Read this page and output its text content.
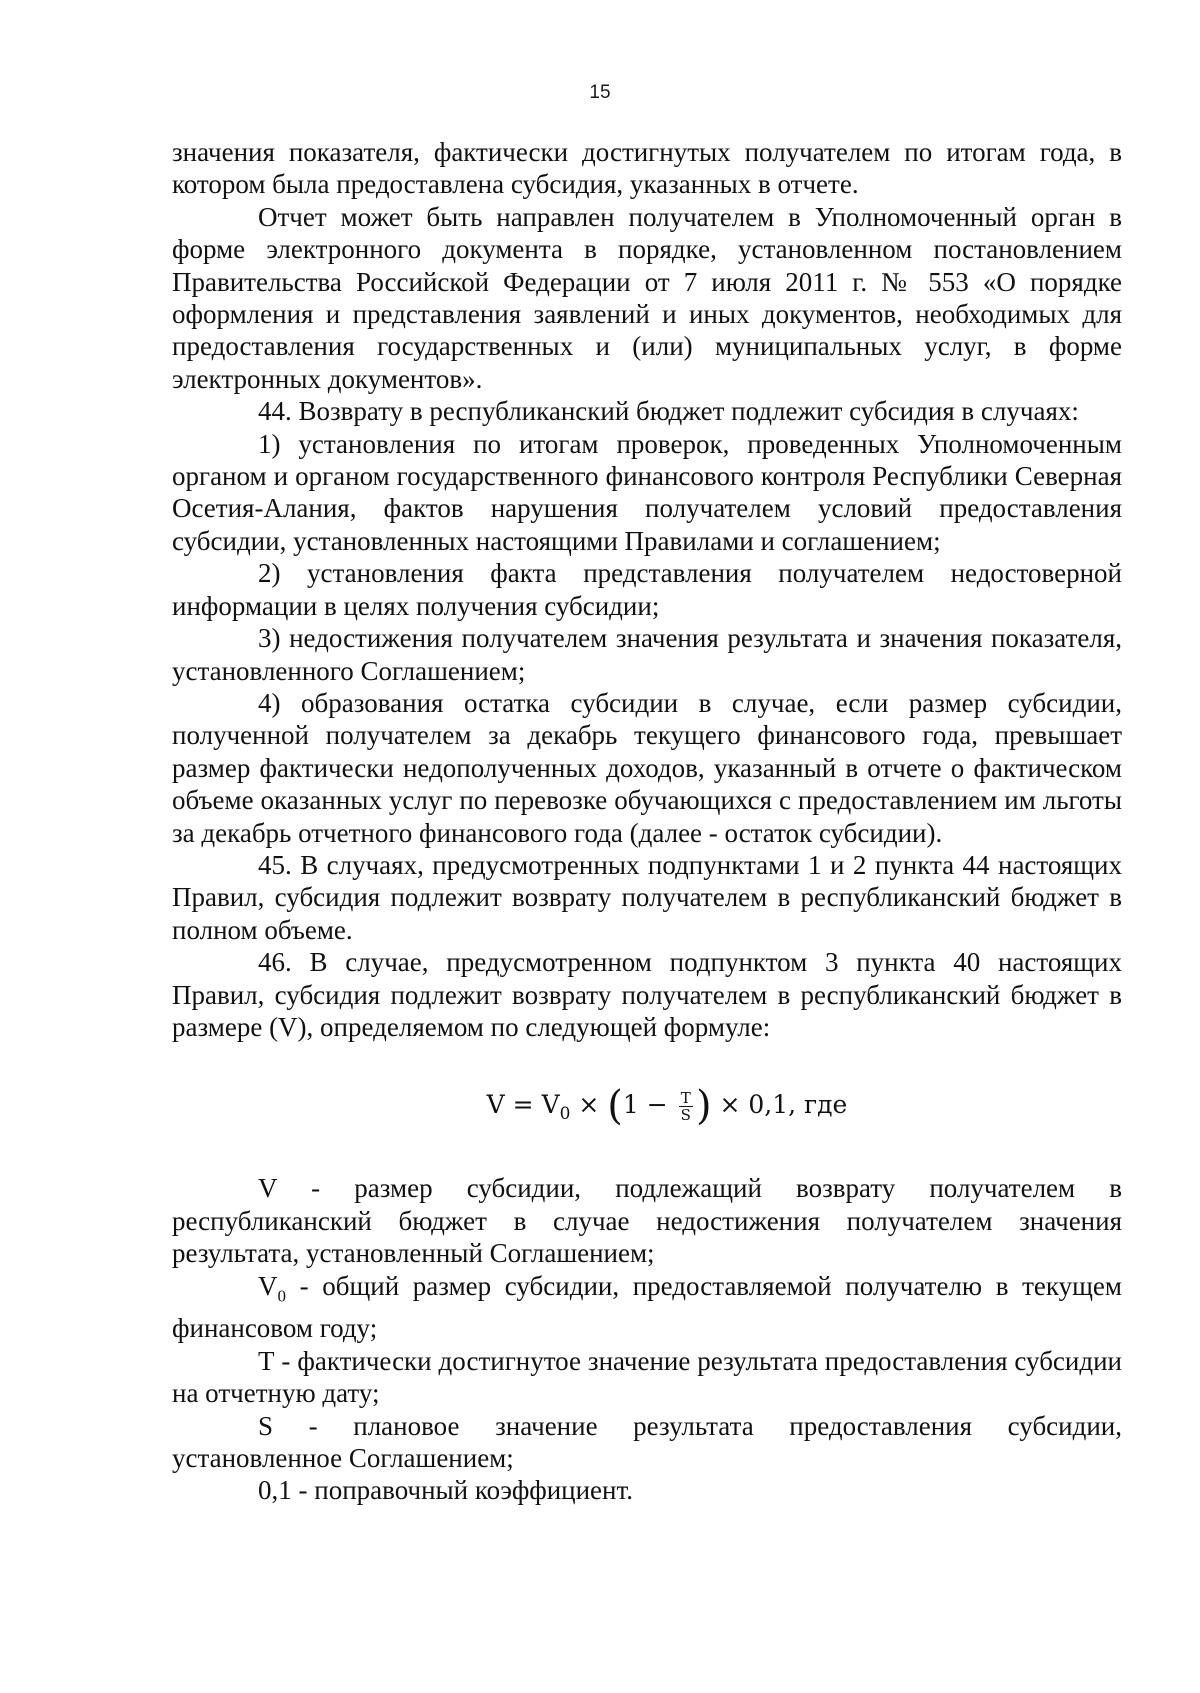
15

значения показателя, фактически достигнутых получателем по итогам года, в котором была предоставлена субсидия, указанных в отчете.

Отчет может быть направлен получателем в Уполномоченный орган в форме электронного документа в порядке, установленном постановлением Правительства Российской Федерации от 7 июля 2011 г. № 553 «О порядке оформления и представления заявлений и иных документов, необходимых для предоставления государственных и (или) муниципальных услуг, в форме электронных документов».

44. Возврату в республиканский бюджет подлежит субсидия в случаях:

1) установления по итогам проверок, проведенных Уполномоченным органом и органом государственного финансового контроля Республики Северная Осетия-Алания, фактов нарушения получателем условий предоставления субсидии, установленных настоящими Правилами и соглашением;

2) установления факта представления получателем недостоверной информации в целях получения субсидии;

3) недостижения получателем значения результата и значения показателя, установленного Соглашением;

4) образования остатка субсидии в случае, если размер субсидии, полученной получателем за декабрь текущего финансового года, превышает размер фактически недополученных доходов, указанный в отчете о фактическом объеме оказанных услуг по перевозке обучающихся с предоставлением им льготы за декабрь отчетного финансового года (далее - остаток субсидии).

45. В случаях, предусмотренных подпунктами 1 и 2 пункта 44 настоящих Правил, субсидия подлежит возврату получателем в республиканский бюджет в полном объеме.

46. В случае, предусмотренном подпунктом 3 пункта 40 настоящих Правил, субсидия подлежит возврату получателем в республиканский бюджет в размере (V), определяемом по следующей формуле:

$V = V_0 \times (1 - \frac{T}{S}$ ) × 0,1, где

V - размер субсидии, подлежащий возврату получателем в республиканский бюджет в случае недостижения получателем значения результата, установленный Соглашением;

$V_0$ - общий размер субсидии, предоставляемой получателю в текущем финансовом году;

Т - фактически достигнутое значение результата предоставления субсидии на отчетную дату;

S - плановое значение результата предоставления субсидии, установленное Соглашением;

0,1 - поправочный коэффициент.
